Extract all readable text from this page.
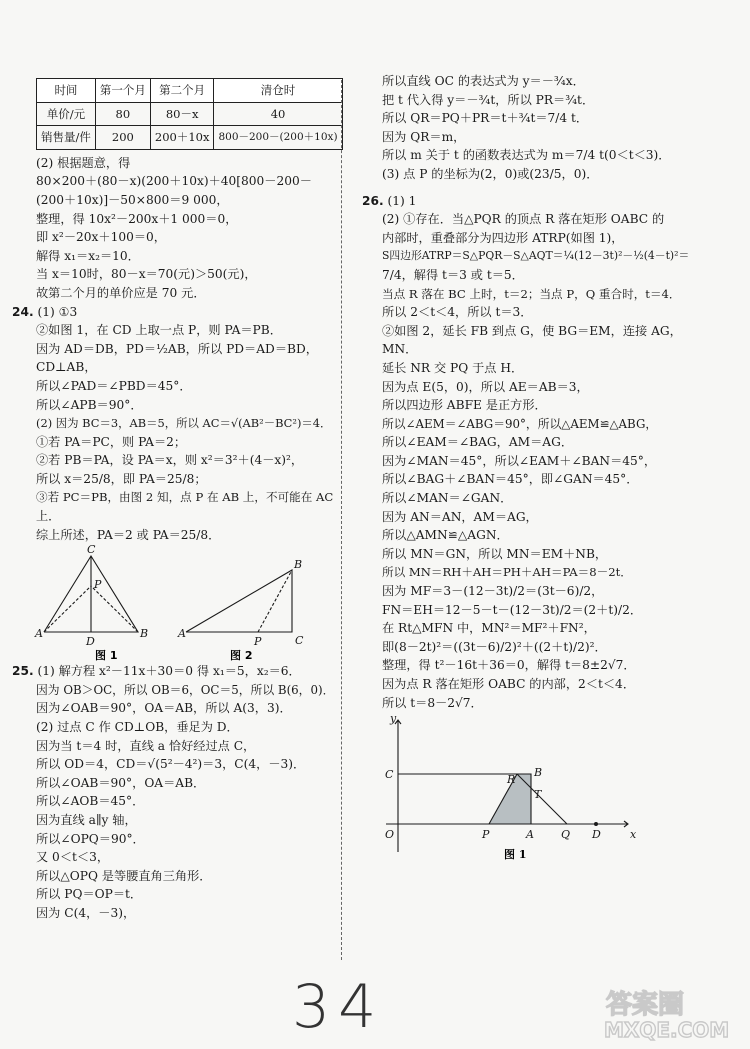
时间	第一个月	第二个月	清仓时
单价/元	80	80－x	40
销售量/件	200	200＋10x	800－200－(200＋10x)

(2) 根据题意，得

80×200＋(80－x)(200＋10x)＋40[800－200－

(200＋10x)]－50×800＝9 000，

整理，得 10x²－200x＋1 000＝0，

即 x²－20x＋100＝0，

解得 x₁＝x₂＝10．

当 x＝10时，80－x＝70(元)＞50(元)，

故第二个月的单价应是 70 元．

24. (1) ①3

②如图 1，在 CD 上取一点 P，则 PA＝PB．

因为 AD＝DB，PD＝½AB，所以 PD＝AD＝BD，

CD⊥AB，

所以∠PAD＝∠PBD＝45°．

所以∠APB＝90°．

(2) 因为 BC＝3，AB＝5，所以 AC＝√(AB²－BC²)＝4．

①若 PA＝PC，则 PA＝2；

②若 PB＝PA，设 PA＝x，则 x²＝3²＋(4－x)²，

所以 x＝25/8，即 PA＝25/8；

③若 PC＝PB，由图 2 知，点 P 在 AB 上，不可能在 AC

上．

综上所述，PA＝2 或 PA＝25/8．

C
P
A
D
B
B
A
P	C
图 1	图 2

25. (1) 解方程 x²－11x＋30＝0 得 x₁＝5，x₂＝6．

因为 OB＞OC，所以 OB＝6，OC＝5，所以 B(6，0)．

因为∠OAB＝90°，OA＝AB，所以 A(3，3)．

(2) 过点 C 作 CD⊥OB，垂足为 D．

因为当 t＝4 时，直线 a 恰好经过点 C，

所以 OD＝4，CD＝√(5²－4²)＝3，C(4，－3)．

所以∠OAB＝90°，OA＝AB．

所以∠AOB＝45°．

因为直线 a∥y 轴，

所以∠OPQ＝90°．

又 0＜t＜3，

所以△OPQ 是等腰直角三角形．

所以 PQ＝OP＝t．

因为 C(4，－3)，

所以直线 OC 的表达式为 y＝－¾x．

把 t 代入得 y＝－¾t，所以 PR＝¾t．

所以 QR＝PQ＋PR＝t＋¾t＝7/4 t．

因为 QR＝m，

所以 m 关于 t 的函数表达式为 m＝7/4 t(0＜t＜3)．

(3) 点 P 的坐标为(2，0)或(23/5，0)．

26. (1) 1

(2) ①存在．当△PQR 的顶点 R 落在矩形 OABC 的

内部时，重叠部分为四边形 ATRP(如图 1)，

S四边形ATRP＝S△PQR－S△AQT＝¼(12－3t)²－½(4－t)²＝

7/4，解得 t＝3 或 t＝5．

当点 R 落在 BC 上时，t＝2；当点 P，Q 重合时，t＝4．

所以 2＜t＜4，所以 t＝3．

②如图 2，延长 FB 到点 G，使 BG＝EM，连接 AG，

MN．

延长 NR 交 PQ 于点 H．

因为点 E(5，0)，所以 AE＝AB＝3，

所以四边形 ABFE 是正方形．

所以∠AEM＝∠ABG＝90°，所以△AEM≌△ABG，

所以∠EAM＝∠BAG，AM＝AG．

因为∠MAN＝45°，所以∠EAM＋∠BAN＝45°，

所以∠BAG＋∠BAN＝45°，即∠GAN＝45°．

所以∠MAN＝∠GAN．

因为 AN＝AN，AM＝AG，

所以△AMN≌△AGN．

所以 MN＝GN，所以 MN＝EM＋NB，

所以 MN＝RH＋AH＝PH＋AH＝PA＝8－2t．

因为 MF＝3－(12－3t)/2＝(3t－6)/2，

FN＝EH＝12－5－t－(12－3t)/2＝(2＋t)/2．

在 Rt△MFN 中，MN²＝MF²＋FN²，

即(8－2t)²＝((3t－6)/2)²＋((2＋t)/2)²．

整理，得 t²－16t＋36＝0，解得 t＝8±2√7．

因为点 R 落在矩形 OABC 的内部，2＜t＜4．

所以 t＝8－2√7．

y
C	B
R
T
O	P	A Q D	x
图 1
34	答案圈
MXQE.COM
